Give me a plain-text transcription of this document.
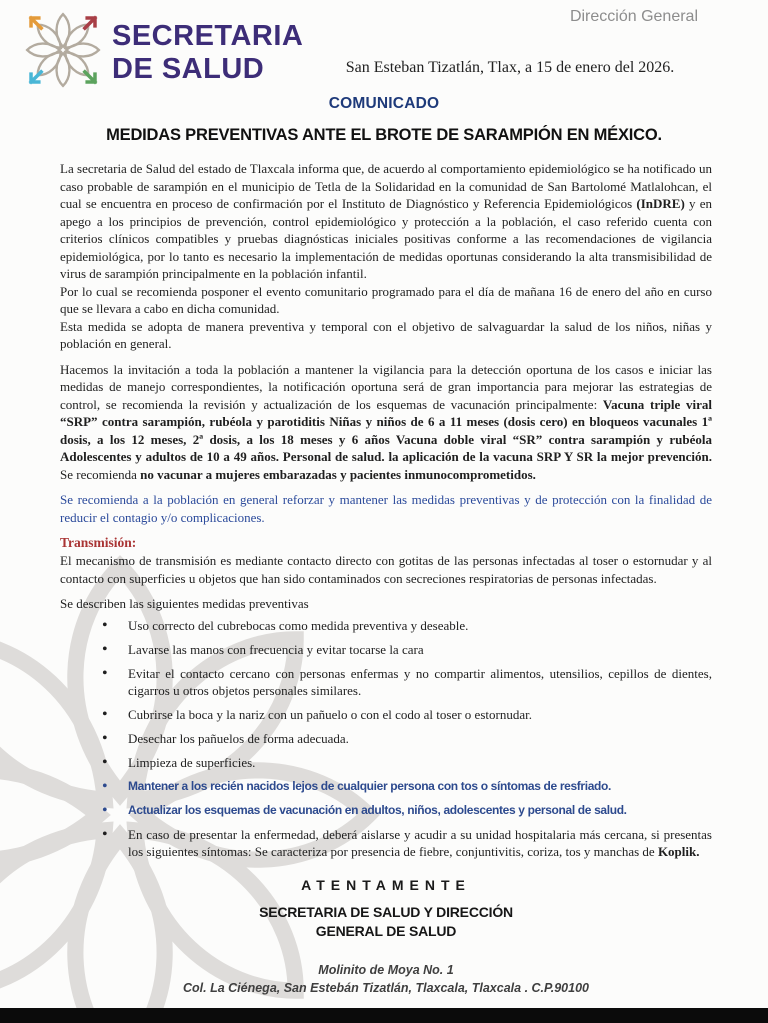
SECRETARIA
DE SALUD
Dirección General
San Esteban Tizatlán, Tlax, a 15 de enero del 2026.
COMUNICADO
MEDIDAS PREVENTIVAS ANTE EL BROTE DE SARAMPIÓN EN MÉXICO.

La secretaria de Salud del estado de Tlaxcala informa que, de acuerdo al comportamiento epidemiológico se ha notificado un caso probable de sarampión en el municipio de Tetla de la Solidaridad en la comunidad de San Bartolomé Matlalohcan, el cual se encuentra en proceso de confirmación por el Instituto de Diagnóstico y Referencia Epidemiológicos (InDRE) y en apego a los principios de prevención, control epidemiológico y protección a la población, el caso referido cuenta con criterios clínicos compatibles y pruebas diagnósticas iniciales positivas conforme a las recomendaciones de vigilancia epidemiológica, por lo tanto es necesario la implementación de medidas oportunas considerando la alta transmisibilidad de virus de sarampión principalmente en la población infantil.

Por lo cual se recomienda posponer el evento comunitario programado para el día de mañana 16 de enero del año en curso que se llevara a cabo en dicha comunidad.

Esta medida se adopta de manera preventiva y temporal con el objetivo de salvaguardar la salud de los niños, niñas y población en general.

Hacemos la invitación a toda la población a mantener la vigilancia para la detección oportuna de los casos e iniciar las medidas de manejo correspondientes, la notificación oportuna será de gran importancia para mejorar las estrategias de control, se recomienda la revisión y actualización de los esquemas de vacunación principalmente: Vacuna triple viral “SRP” contra sarampión, rubéola y parotiditis Niñas y niños de 6 a 11 meses (dosis cero) en bloqueos vacunales 1ª dosis, a los 12 meses, 2ª dosis, a los 18 meses y 6 años Vacuna doble viral “SR” contra sarampión y rubéola Adolescentes y adultos de 10 a 49 años. Personal de salud. la aplicación de la vacuna SRP Y SR la mejor prevención. Se recomienda no vacunar a mujeres embarazadas y pacientes inmunocomprometidos.

Se recomienda a la población en general reforzar y mantener las medidas preventivas y de protección con la finalidad de reducir el contagio y/o complicaciones.

Transmisión:

El mecanismo de transmisión es mediante contacto directo con gotitas de las personas infectadas al toser o estornudar y al contacto con superficies u objetos que han sido contaminados con secreciones respiratorias de personas infectadas.

Se describen las siguientes medidas preventivas

•
Uso correcto del cubrebocas como medida preventiva y deseable.
•
Lavarse las manos con frecuencia y evitar tocarse la cara
•
Evitar el contacto cercano con personas enfermas y no compartir alimentos, utensilios, cepillos de dientes, cigarros u otros objetos personales similares.
•
Cubrirse la boca y la nariz con un pañuelo o con el codo al toser o estornudar.
•
Desechar los pañuelos de forma adecuada.
•
Limpieza de superficies.
•
Mantener a los recién nacidos lejos de cualquier persona con tos o síntomas de resfriado.
•
Actualizar los esquemas de vacunación en adultos, niños, adolescentes y personal de salud.
•
En caso de presentar la enfermedad, deberá aislarse y acudir a su unidad hospitalaria más cercana, si presentas los siguientes síntomas: Se caracteriza por presencia de fiebre, conjuntivitis, coriza, tos y manchas de Koplik.
ATENTAMENTE
SECRETARIA DE SALUD Y DIRECCIÓN
GENERAL DE SALUD
Molinito de Moya No. 1
Col. La Ciénega, San Estebán Tizatlán, Tlaxcala, Tlaxcala . C.P.90100
